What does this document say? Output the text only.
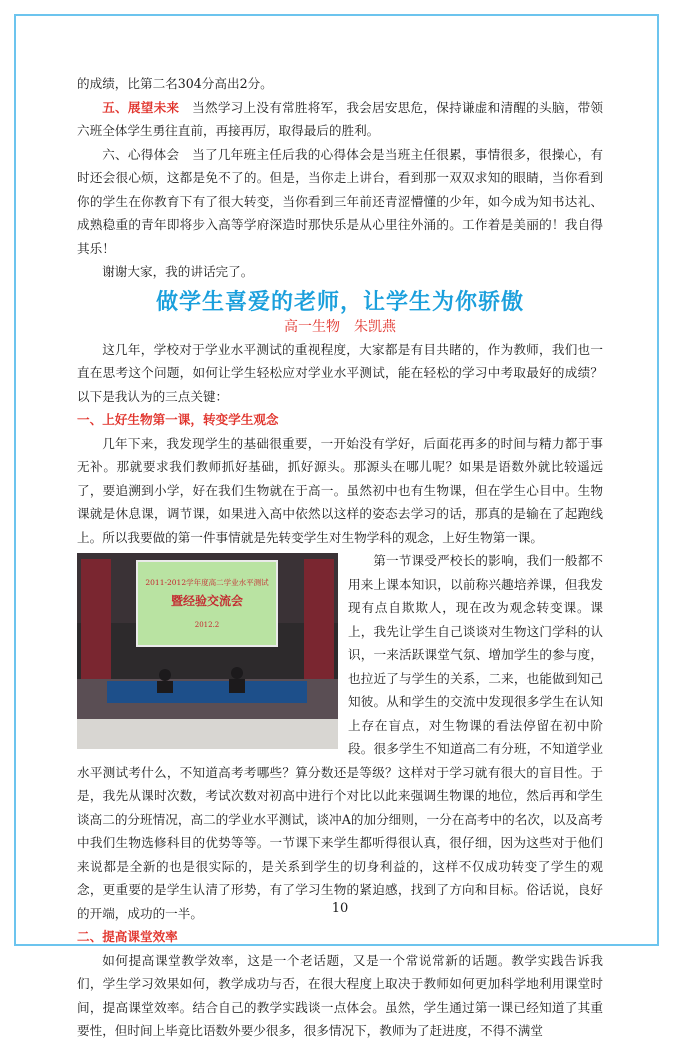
的成绩，比第二名304分高出2分。

五、展望未来　 当然学习上没有常胜将军，我会居安思危，保持谦虚和清醒的头脑，带领六班全体学生勇往直前，再接再厉，取得最后的胜利。

六、心得体会　当了几年班主任后我的心得体会是当班主任很累，事情很多，很操心，有时还会很心烦，这都是免不了的。但是，当你走上讲台，看到那一双双求知的眼睛，当你看到你的学生在你教育下有了很大转变，当你看到三年前还青涩懵懂的少年，如今成为知书达礼、成熟稳重的青年即将步入高等学府深造时那快乐是从心里往外涌的。工作着是美丽的！我自得其乐！

谢谢大家，我的讲话完了。

做学生喜爱的老师，让学生为你骄傲
高一生物　朱凯燕

这几年，学校对于学业水平测试的重视程度，大家都是有目共睹的，作为教师，我们也一直在思考这个问题，如何让学生轻松应对学业水平测试，能在轻松的学习中考取最好的成绩？以下是我认为的三点关键：

一、上好生物第一课，转变学生观念

几年下来，我发现学生的基础很重要，一开始没有学好，后面花再多的时间与精力都于事无补。那就要求我们教师抓好基础，抓好源头。那源头在哪儿呢？如果是语数外就比较遥远了，要追溯到小学，好在我们生物就在于高一。虽然初中也有生物课，但在学生心目中。生物课就是休息课，调节课，如果进入高中依然以这样的姿态去学习的话，那真的是输在了起跑线上。所以我要做的第一件事情就是先转变学生对生物学科的观念，上好生物第一课。

2011-2012学年度高二学业水平测试
暨经验交流会
2012.2

第一节课受严校长的影响，我们一般都不用来上课本知识，以前称兴趣培养课，但我发现有点自欺欺人，现在改为观念转变课。课上，我先让学生自己谈谈对生物这门学科的认识，一来活跃课堂气氛、增加学生的参与度，也拉近了与学生的关系，二来，也能做到知己知彼。从和学生的交流中发现很多学生在认知上存在盲点，对生物课的看法停留在初中阶段。很多学生不知道高二有分班，不知道学业水平测试考什么，不知道高考考哪些？算分数还是等级？这样对于学习就有很大的盲目性。于是，我先从课时次数，考试次数对初高中进行个对比以此来强调生物课的地位，然后再和学生谈高二的分班情况，高二的学业水平测试，谈冲A的加分细则，一分在高考中的名次，以及高考中我们生物选修科目的优势等等。一节课下来学生都听得很认真，很仔细，因为这些对于他们来说都是全新的也是很实际的，是关系到学生的切身利益的，这样不仅成功转变了学生的观念，更重要的是学生认清了形势，有了学习生物的紧迫感，找到了方向和目标。俗话说，良好的开端，成功的一半。

二、提高课堂效率

如何提高课堂教学效率，这是一个老话题，又是一个常说常新的话题。教学实践告诉我们，学生学习效果如何，教学成功与否，在很大程度上取决于教师如何更加科学地利用课堂时间，提高课堂效率。结合自己的教学实践谈一点体会。虽然，学生通过第一课已经知道了其重要性，但时间上毕竟比语数外要少很多，很多情况下，教师为了赶进度，不得不满堂

10
